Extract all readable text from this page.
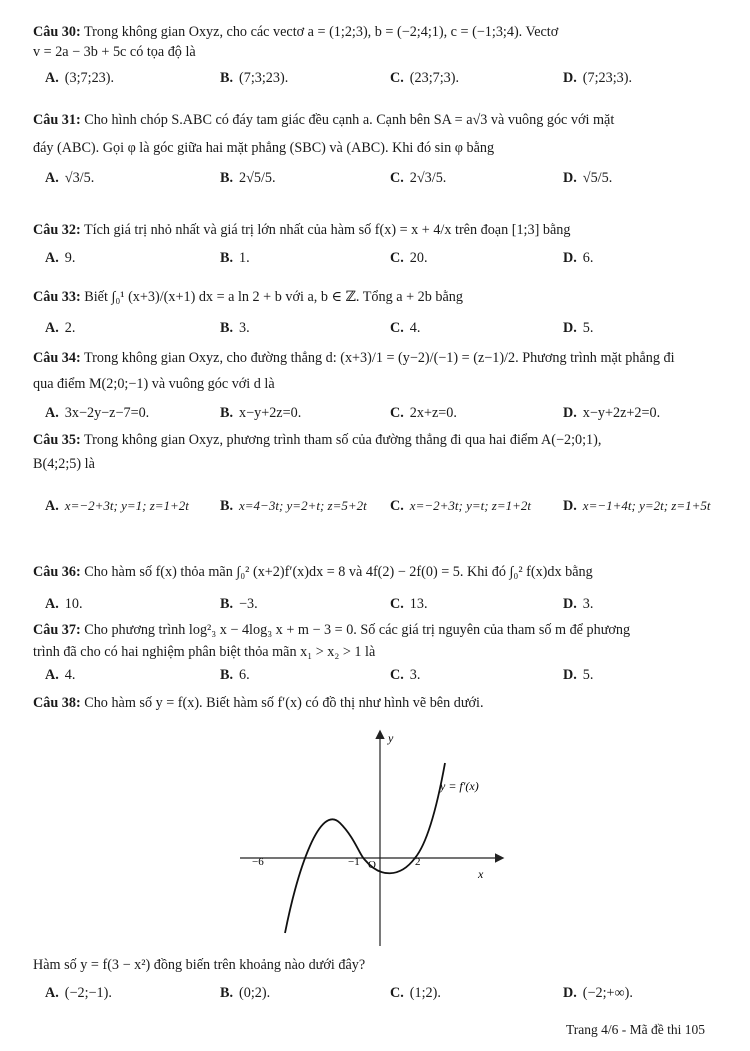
Câu 30: Trong không gian Oxyz, cho các vectơ a = (1;2;3), b = (−2;4;1), c = (−1;3;4). Vectơ
v = 2a − 3b + 5c có tọa độ là
A. (3;7;23).	B. (7;3;23).	C. (23;7;3).	D. (7;23;3).
Câu 31: Cho hình chóp S.ABC có đáy tam giác đều cạnh a. Cạnh bên SA = a√3 và vuông góc với mặt
đáy (ABC). Gọi φ là góc giữa hai mặt phẳng (SBC) và (ABC). Khi đó sin φ bằng
A. √3/5.	B. 2√5/5.	C. 2√3/5.	D. √5/5.
Câu 32: Tích giá trị nhỏ nhất và giá trị lớn nhất của hàm số f(x) = x + 4/x trên đoạn [1;3] bằng
A. 9.	B. 1.	C. 20.	D. 6.
Câu 33: Biết ∫₀¹ (x+3)/(x+1) dx = a ln 2 + b với a, b ∈ ℤ. Tổng a + 2b bằng
A. 2.	B. 3.	C. 4.	D. 5.
Câu 34: Trong không gian Oxyz, cho đường thẳng d: (x+3)/1 = (y−2)/(−1) = (z−1)/2. Phương trình mặt phẳng đi
qua điểm M(2;0;−1) và vuông góc với d là
A. 3x−2y−z−7=0.	B. x−y+2z=0.	C. 2x+z=0.	D. x−y+2z+2=0.
Câu 35: Trong không gian Oxyz, phương trình tham số của đường thẳng đi qua hai điểm A(−2;0;1),
B(4;2;5) là
A. x=−2+3t; y=1; z=1+2t B. x=4−3t; y=2+t; z=5+2t C. x=−2+3t; y=t; z=1+2t D. x=−1+4t; y=2t; z=1+5t
Câu 36: Cho hàm số f(x) thỏa mãn ∫₀² (x+2)f′(x)dx = 8 và 4f(2) − 2f(0) = 5. Khi đó ∫₀² f(x)dx bằng
A. 10.	B. −3.	C. 13.	D. 3.
Câu 37: Cho phương trình log²₃ x − 4log₃ x + m − 3 = 0. Số các giá trị nguyên của tham số m để phương
trình đã cho có hai nghiệm phân biệt thỏa mãn x₁ > x₂ > 1 là
A. 4.	B. 6.	C. 3.	D. 5.
Câu 38: Cho hàm số y = f(x). Biết hàm số f′(x) có đồ thị như hình vẽ bên dưới.
y
x
y = f′(x)
O
−6	−1	2
Hàm số y = f(3 − x²) đồng biến trên khoảng nào dưới đây?
A. (−2;−1).	B. (0;2).	C. (1;2).	D. (−2;+∞).
Trang 4/6 - Mã đề thi 105
